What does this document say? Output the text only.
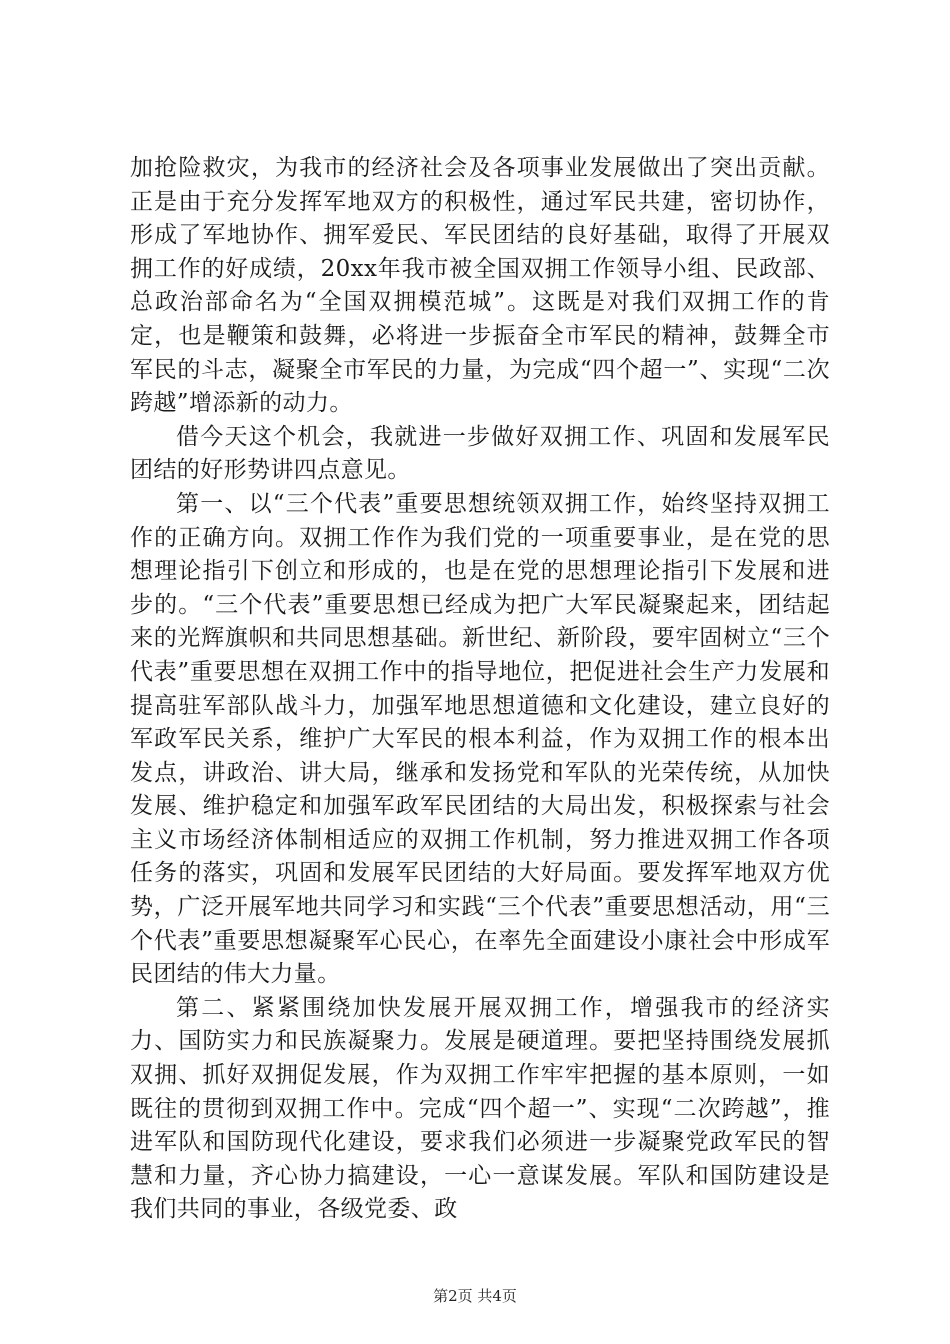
加抢险救灾，为我市的经济社会及各项事业发展做出了突出贡献。正是由于充分发挥军地双方的积极性，通过军民共建，密切协作，形成了军地协作、拥军爱民、军民团结的良好基础，取得了开展双拥工作的好成绩，20xx年我市被全国双拥工作领导小组、民政部、总政治部命名为“全国双拥模范城”。这既是对我们双拥工作的肯定，也是鞭策和鼓舞，必将进一步振奋全市军民的精神，鼓舞全市军民的斗志，凝聚全市军民的力量，为完成“四个超一”、实现“二次跨越”增添新的动力。

借今天这个机会，我就进一步做好双拥工作、巩固和发展军民团结的好形势讲四点意见。

第一、以“三个代表”重要思想统领双拥工作，始终坚持双拥工作的正确方向。双拥工作作为我们党的一项重要事业，是在党的思想理论指引下创立和形成的，也是在党的思想理论指引下发展和进步的。“三个代表”重要思想已经成为把广大军民凝聚起来，团结起来的光辉旗帜和共同思想基础。新世纪、新阶段，要牢固树立“三个代表”重要思想在双拥工作中的指导地位，把促进社会生产力发展和提高驻军部队战斗力，加强军地思想道德和文化建设，建立良好的军政军民关系，维护广大军民的根本利益，作为双拥工作的根本出发点，讲政治、讲大局，继承和发扬党和军队的光荣传统，从加快发展、维护稳定和加强军政军民团结的大局出发，积极探索与社会主义市场经济体制相适应的双拥工作机制，努力推进双拥工作各项任务的落实，巩固和发展军民团结的大好局面。要发挥军地双方优势，广泛开展军地共同学习和实践“三个代表”重要思想活动，用“三个代表”重要思想凝聚军心民心，在率先全面建设小康社会中形成军民团结的伟大力量。

第二、紧紧围绕加快发展开展双拥工作，增强我市的经济实力、国防实力和民族凝聚力。发展是硬道理。要把坚持围绕发展抓双拥、抓好双拥促发展，作为双拥工作牢牢把握的基本原则，一如既往的贯彻到双拥工作中。完成“四个超一”、实现“二次跨越”，推进军队和国防现代化建设，要求我们必须进一步凝聚党政军民的智慧和力量，齐心协力搞建设，一心一意谋发展。军队和国防建设是我们共同的事业，各级党委、政

第2页 共4页
